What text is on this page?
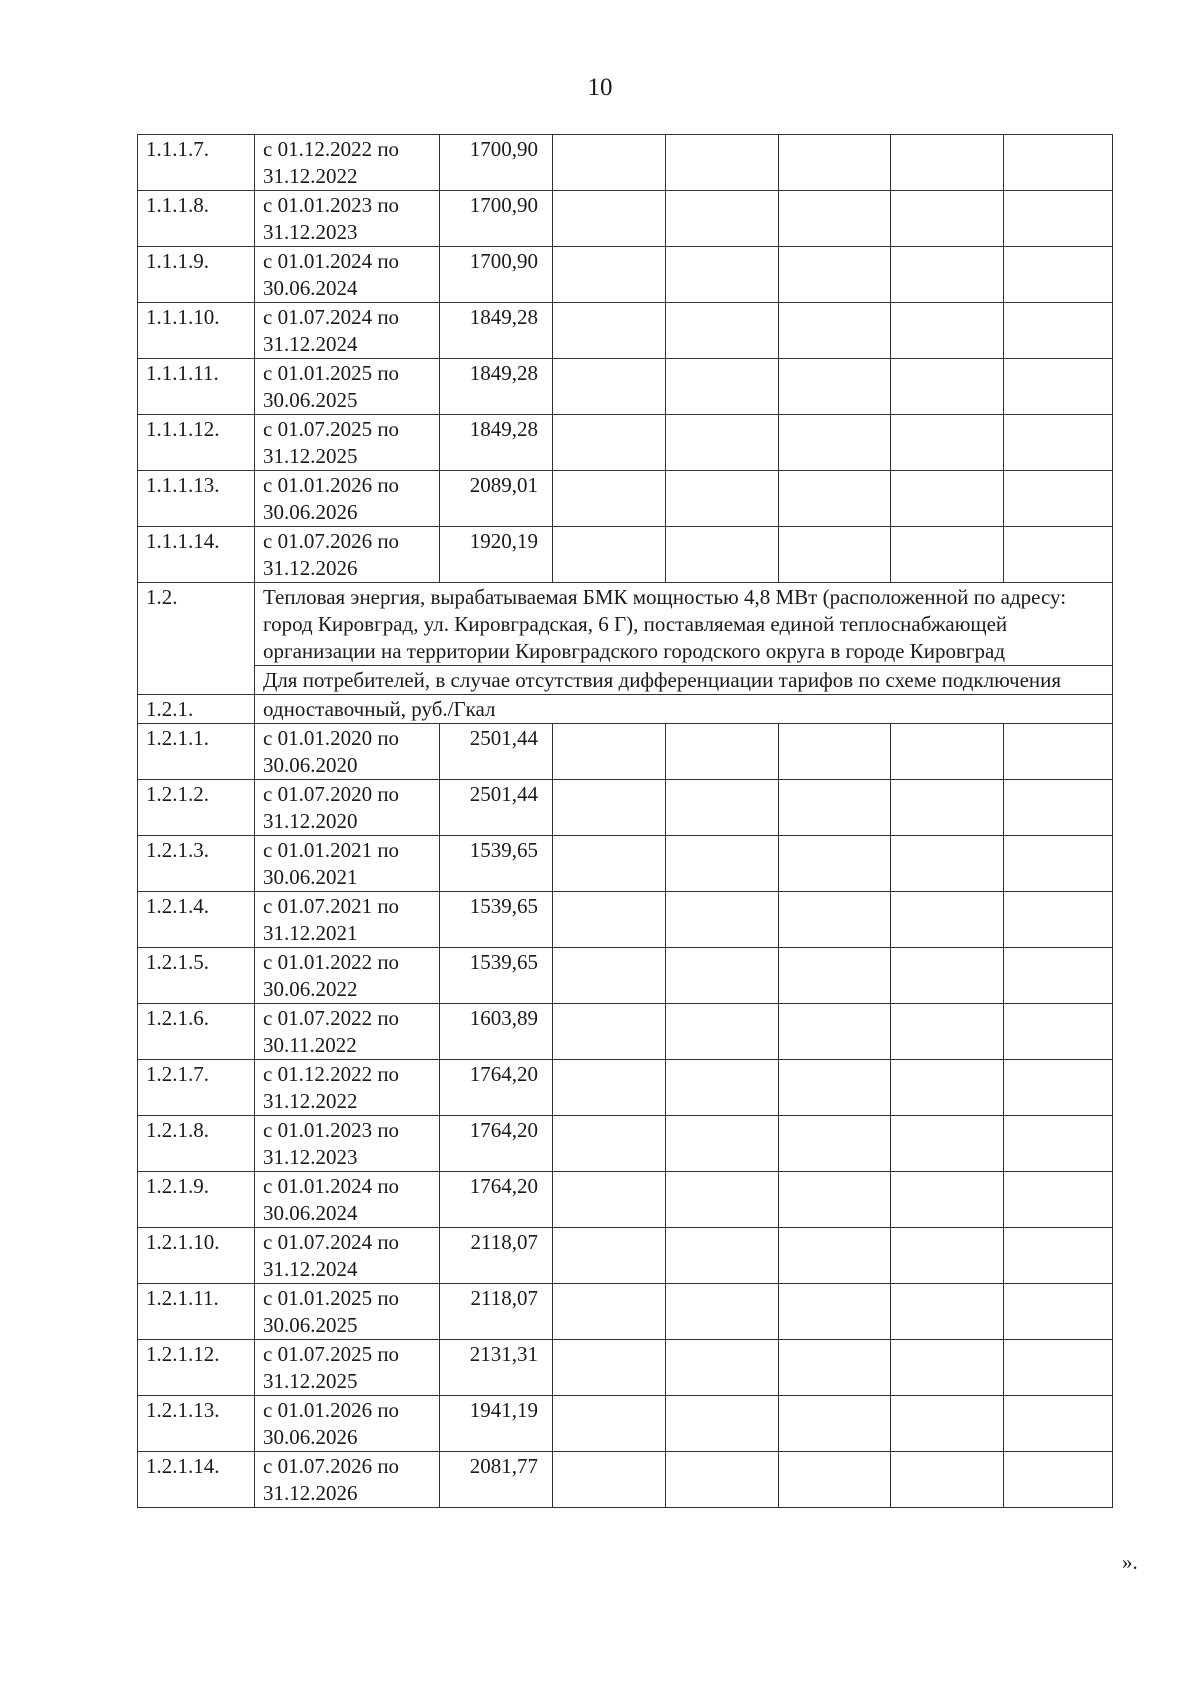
10
1.1.1.7.	с 01.12.2022 по 31.12.2022	1700,90					
1.1.1.8.	с 01.01.2023 по 31.12.2023	1700,90					
1.1.1.9.	с 01.01.2024 по 30.06.2024	1700,90					
1.1.1.10.	с 01.07.2024 по 31.12.2024	1849,28					
1.1.1.11.	с 01.01.2025 по 30.06.2025	1849,28					
1.1.1.12.	с 01.07.2025 по 31.12.2025	1849,28					
1.1.1.13.	с 01.01.2026 по 30.06.2026	2089,01					
1.1.1.14.	с 01.07.2026 по 31.12.2026	1920,19					
1.2.	Тепловая энергия, вырабатываемая БМК мощностью 4,8 МВт (расположенной по адресу: город Кировград, ул. Кировградская, 6 Г), поставляемая единой теплоснабжающей организации на территории Кировградского городского округа в городе Кировград						
	Для потребителей, в случае отсутствия дифференциации тарифов по схеме подключения						
1.2.1.	одноставочный, руб./Гкал						
1.2.1.1.	с 01.01.2020 по 30.06.2020	2501,44					
1.2.1.2.	с 01.07.2020 по 31.12.2020	2501,44					
1.2.1.3.	с 01.01.2021 по 30.06.2021	1539,65					
1.2.1.4.	с 01.07.2021 по 31.12.2021	1539,65					
1.2.1.5.	с 01.01.2022 по 30.06.2022	1539,65					
1.2.1.6.	с 01.07.2022 по 30.11.2022	1603,89					
1.2.1.7.	с 01.12.2022 по 31.12.2022	1764,20					
1.2.1.8.	с 01.01.2023 по 31.12.2023	1764,20					
1.2.1.9.	с 01.01.2024 по 30.06.2024	1764,20					
1.2.1.10.	с 01.07.2024 по 31.12.2024	2118,07					
1.2.1.11.	с 01.01.2025 по 30.06.2025	2118,07					
1.2.1.12.	с 01.07.2025 по 31.12.2025	2131,31					
1.2.1.13.	с 01.01.2026 по 30.06.2026	1941,19					
1.2.1.14.	с 01.07.2026 по 31.12.2026	2081,77					
».
